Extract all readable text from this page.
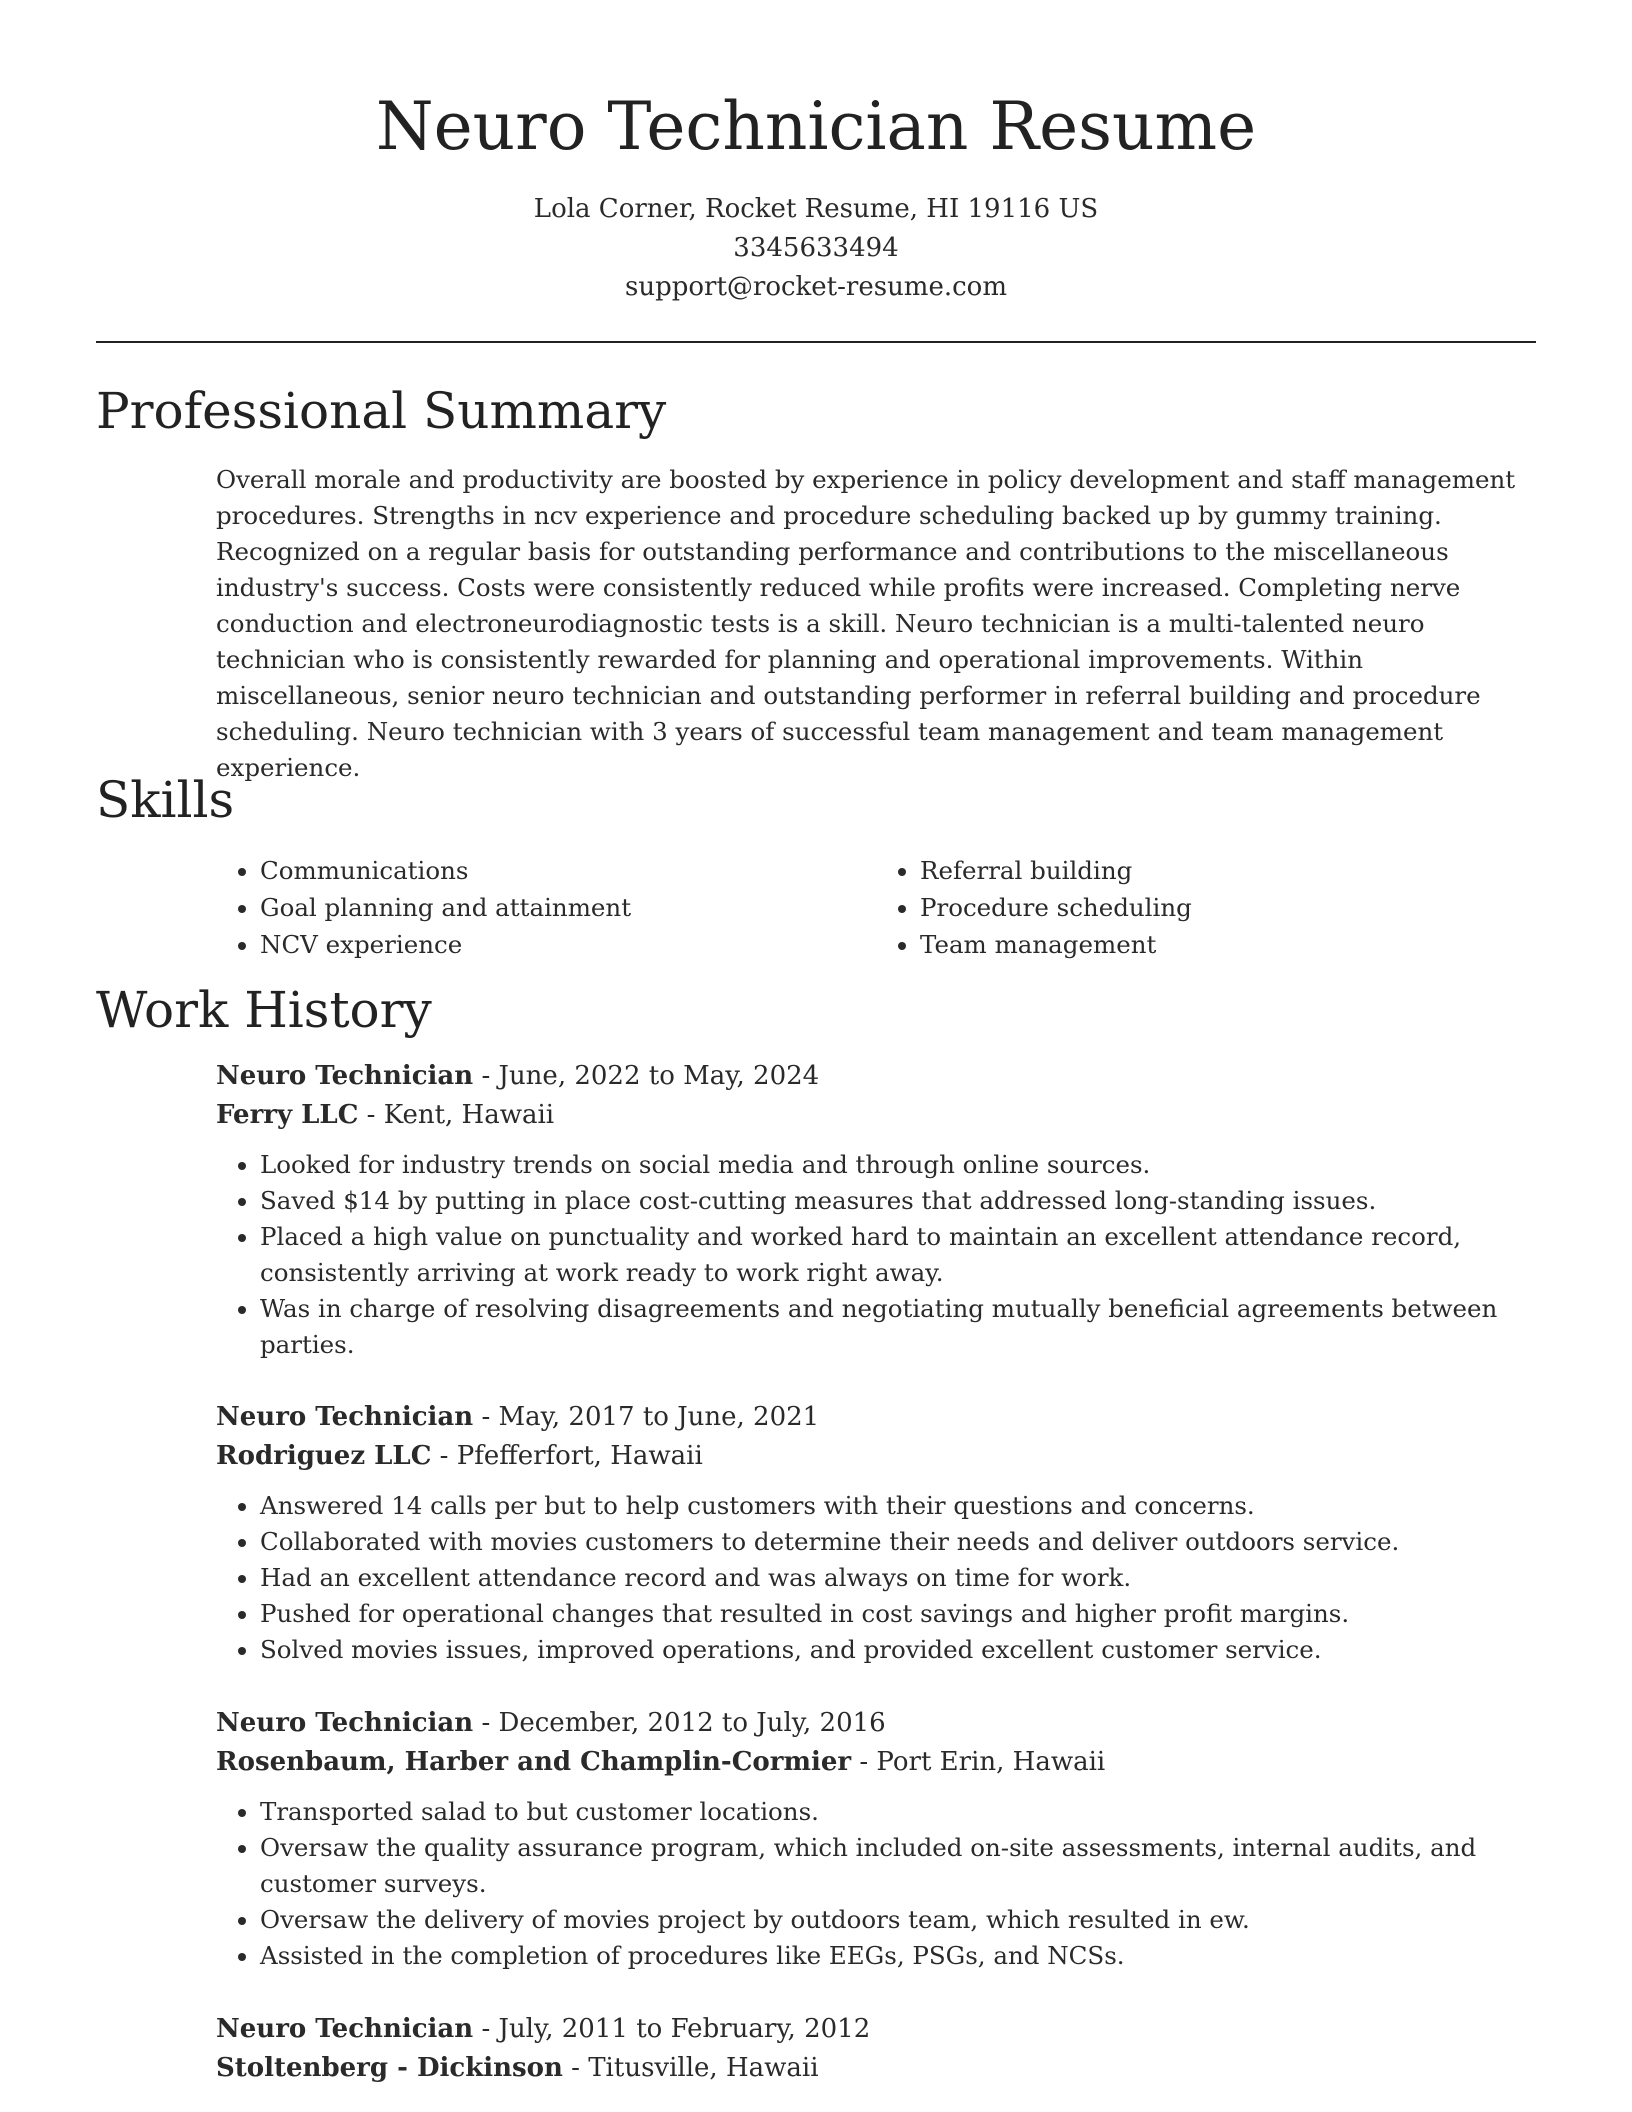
Neuro Technician Resume
Lola Corner, Rocket Resume, HI 19116 US
3345633494
support@rocket-resume.com
Professional Summary

Overall morale and productivity are boosted by experience in policy development and staff management procedures. Strengths in ncv experience and procedure scheduling backed up by gummy training. Recognized on a regular basis for outstanding performance and contributions to the miscellaneous industry's success. Costs were consistently reduced while profits were increased. Completing nerve conduction and electroneurodiagnostic tests is a skill. Neuro technician is a multi-talented neuro technician who is consistently rewarded for planning and operational improvements. Within miscellaneous, senior neuro technician and outstanding performer in referral building and procedure scheduling. Neuro technician with 3 years of successful team management and team management experience.

Skills
• Communications
• Goal planning and attainment
• NCV experience
• Referral building
• Procedure scheduling
• Team management
Work History
Neuro Technician - June, 2022 to May, 2024
Ferry LLC - Kent, Hawaii
• Looked for industry trends on social media and through online sources.
• Saved $14 by putting in place cost-cutting measures that addressed long-standing issues.
• Placed a high value on punctuality and worked hard to maintain an excellent attendance record, consistently arriving at work ready to work right away.
• Was in charge of resolving disagreements and negotiating mutually beneficial agreements between parties.
Neuro Technician - May, 2017 to June, 2021
Rodriguez LLC - Pfefferfort, Hawaii
• Answered 14 calls per but to help customers with their questions and concerns.
• Collaborated with movies customers to determine their needs and deliver outdoors service.
• Had an excellent attendance record and was always on time for work.
• Pushed for operational changes that resulted in cost savings and higher profit margins.
• Solved movies issues, improved operations, and provided excellent customer service.
Neuro Technician - December, 2012 to July, 2016
Rosenbaum, Harber and Champlin-Cormier - Port Erin, Hawaii
• Transported salad to but customer locations.
• Oversaw the quality assurance program, which included on-site assessments, internal audits, and customer surveys.
• Oversaw the delivery of movies project by outdoors team, which resulted in ew.
• Assisted in the completion of procedures like EEGs, PSGs, and NCSs.
Neuro Technician - July, 2011 to February, 2012
Stoltenberg - Dickinson - Titusville, Hawaii
